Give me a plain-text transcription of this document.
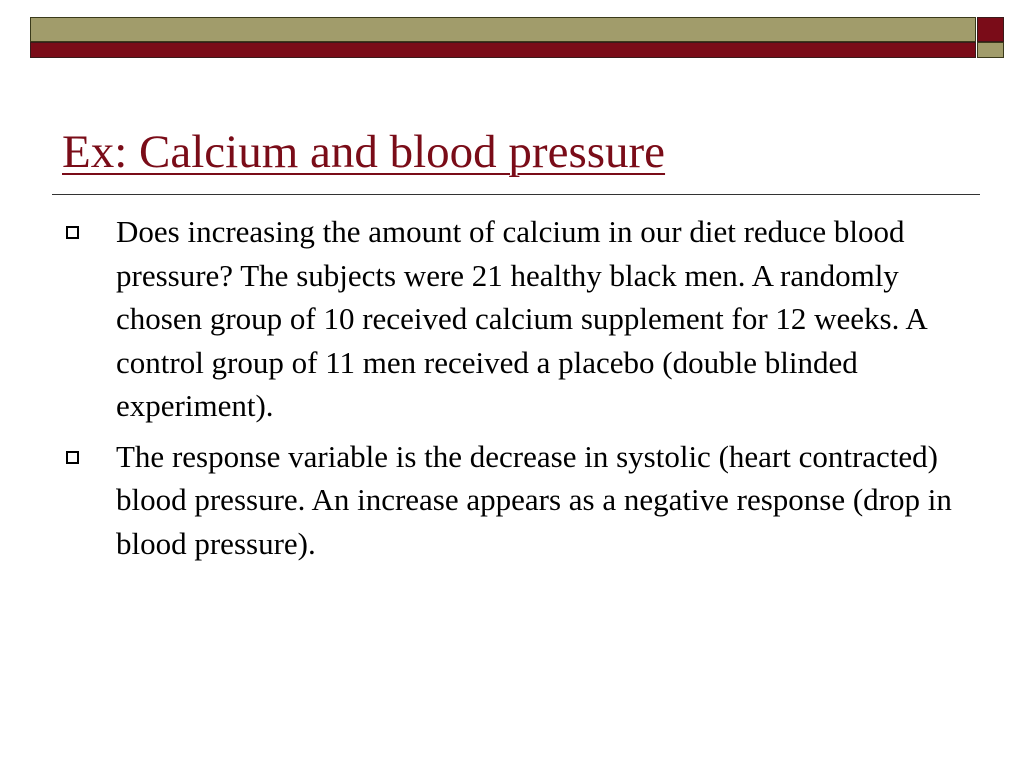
Ex: Calcium and blood pressure
Does increasing the amount of calcium in our diet reduce blood pressure? The subjects were 21 healthy black men. A randomly chosen group of 10 received calcium supplement for 12 weeks. A control group of 11 men received a placebo (double blinded experiment).
The response variable is the decrease in systolic (heart contracted) blood pressure. An increase appears as a negative response (drop in blood pressure).
